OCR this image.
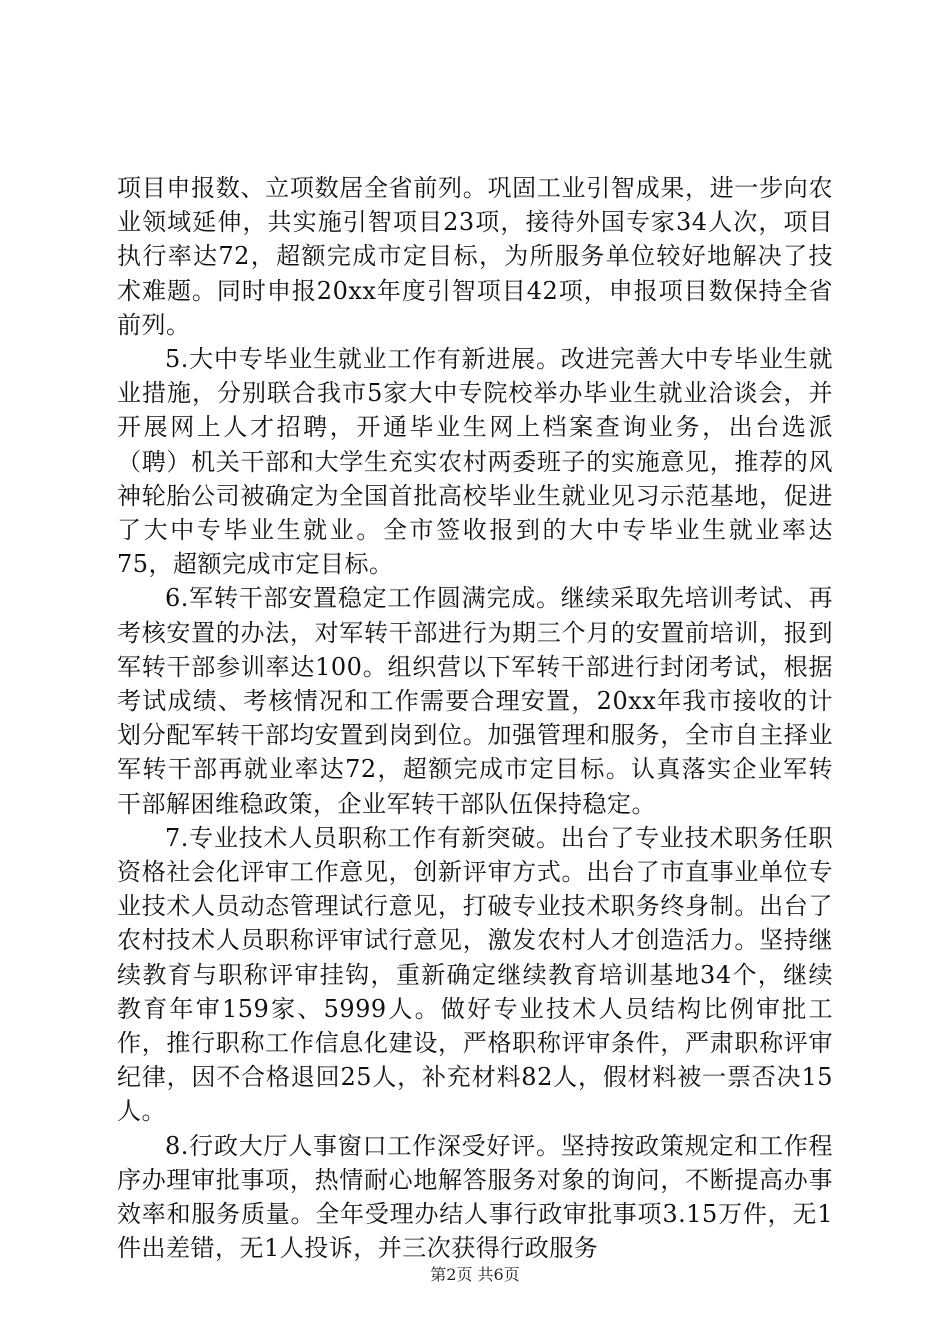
项目申报数、立项数居全省前列。巩固工业引智成果，进一步向农业领域延伸，共实施引智项目23项，接待外国专家34人次，项目执行率达72，超额完成市定目标，为所服务单位较好地解决了技术难题。同时申报20xx年度引智项目42项，申报项目数保持全省前列。

5.大中专毕业生就业工作有新进展。改进完善大中专毕业生就业措施，分别联合我市5家大中专院校举办毕业生就业洽谈会，并开展网上人才招聘，开通毕业生网上档案查询业务，出台选派（聘）机关干部和大学生充实农村两委班子的实施意见，推荐的风神轮胎公司被确定为全国首批高校毕业生就业见习示范基地，促进了大中专毕业生就业。全市签收报到的大中专毕业生就业率达75，超额完成市定目标。

6.军转干部安置稳定工作圆满完成。继续采取先培训考试、再考核安置的办法，对军转干部进行为期三个月的安置前培训，报到军转干部参训率达100。组织营以下军转干部进行封闭考试，根据考试成绩、考核情况和工作需要合理安置，20xx年我市接收的计划分配军转干部均安置到岗到位。加强管理和服务，全市自主择业军转干部再就业率达72，超额完成市定目标。认真落实企业军转干部解困维稳政策，企业军转干部队伍保持稳定。

7.专业技术人员职称工作有新突破。出台了专业技术职务任职资格社会化评审工作意见，创新评审方式。出台了市直事业单位专业技术人员动态管理试行意见，打破专业技术职务终身制。出台了农村技术人员职称评审试行意见，激发农村人才创造活力。坚持继续教育与职称评审挂钩，重新确定继续教育培训基地34个，继续教育年审159家、5999人。做好专业技术人员结构比例审批工作，推行职称工作信息化建设，严格职称评审条件，严肃职称评审纪律，因不合格退回25人，补充材料82人，假材料被一票否决15人。

8.行政大厅人事窗口工作深受好评。坚持按政策规定和工作程序办理审批事项，热情耐心地解答服务对象的询问，不断提高办事效率和服务质量。全年受理办结人事行政审批事项3.15万件，无1件出差错，无1人投诉，并三次获得行政服务

第2页 共6页
